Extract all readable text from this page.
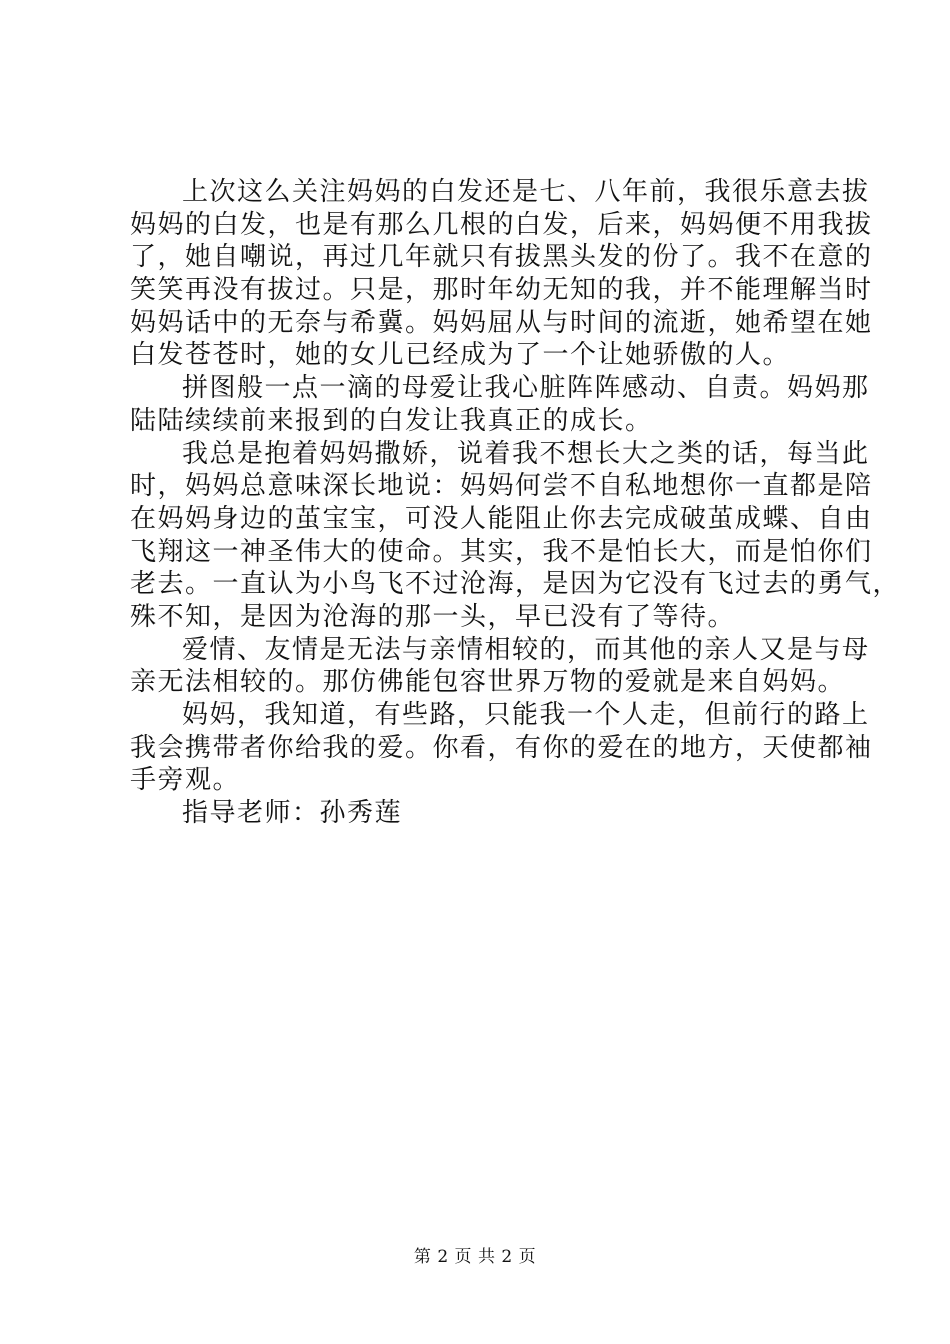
上次这么关注妈妈的白发还是七、八年前，我很乐意去拔
妈妈的白发，也是有那么几根的白发，后来，妈妈便不用我拔
了，她自嘲说，再过几年就只有拔黑头发的份了。我不在意的
笑笑再没有拔过。只是，那时年幼无知的我，并不能理解当时
妈妈话中的无奈与希冀。妈妈屈从与时间的流逝，她希望在她
白发苍苍时，她的女儿已经成为了一个让她骄傲的人。
拼图般一点一滴的母爱让我心脏阵阵感动、自责。妈妈那
陆陆续续前来报到的白发让我真正的成长。
我总是抱着妈妈撒娇，说着我不想长大之类的话，每当此
时，妈妈总意味深长地说：妈妈何尝不自私地想你一直都是陪
在妈妈身边的茧宝宝，可没人能阻止你去完成破茧成蝶、自由
飞翔这一神圣伟大的使命。其实，我不是怕长大，而是怕你们
老去。一直认为小鸟飞不过沧海，是因为它没有飞过去的勇气，
殊不知，是因为沧海的那一头，早已没有了等待。
爱情、友情是无法与亲情相较的，而其他的亲人又是与母
亲无法相较的。那仿佛能包容世界万物的爱就是来自妈妈。
妈妈，我知道，有些路，只能我一个人走，但前行的路上
我会携带者你给我的爱。你看，有你的爱在的地方，天使都袖
手旁观。
指导老师：孙秀莲
第 2 页 共 2 页
